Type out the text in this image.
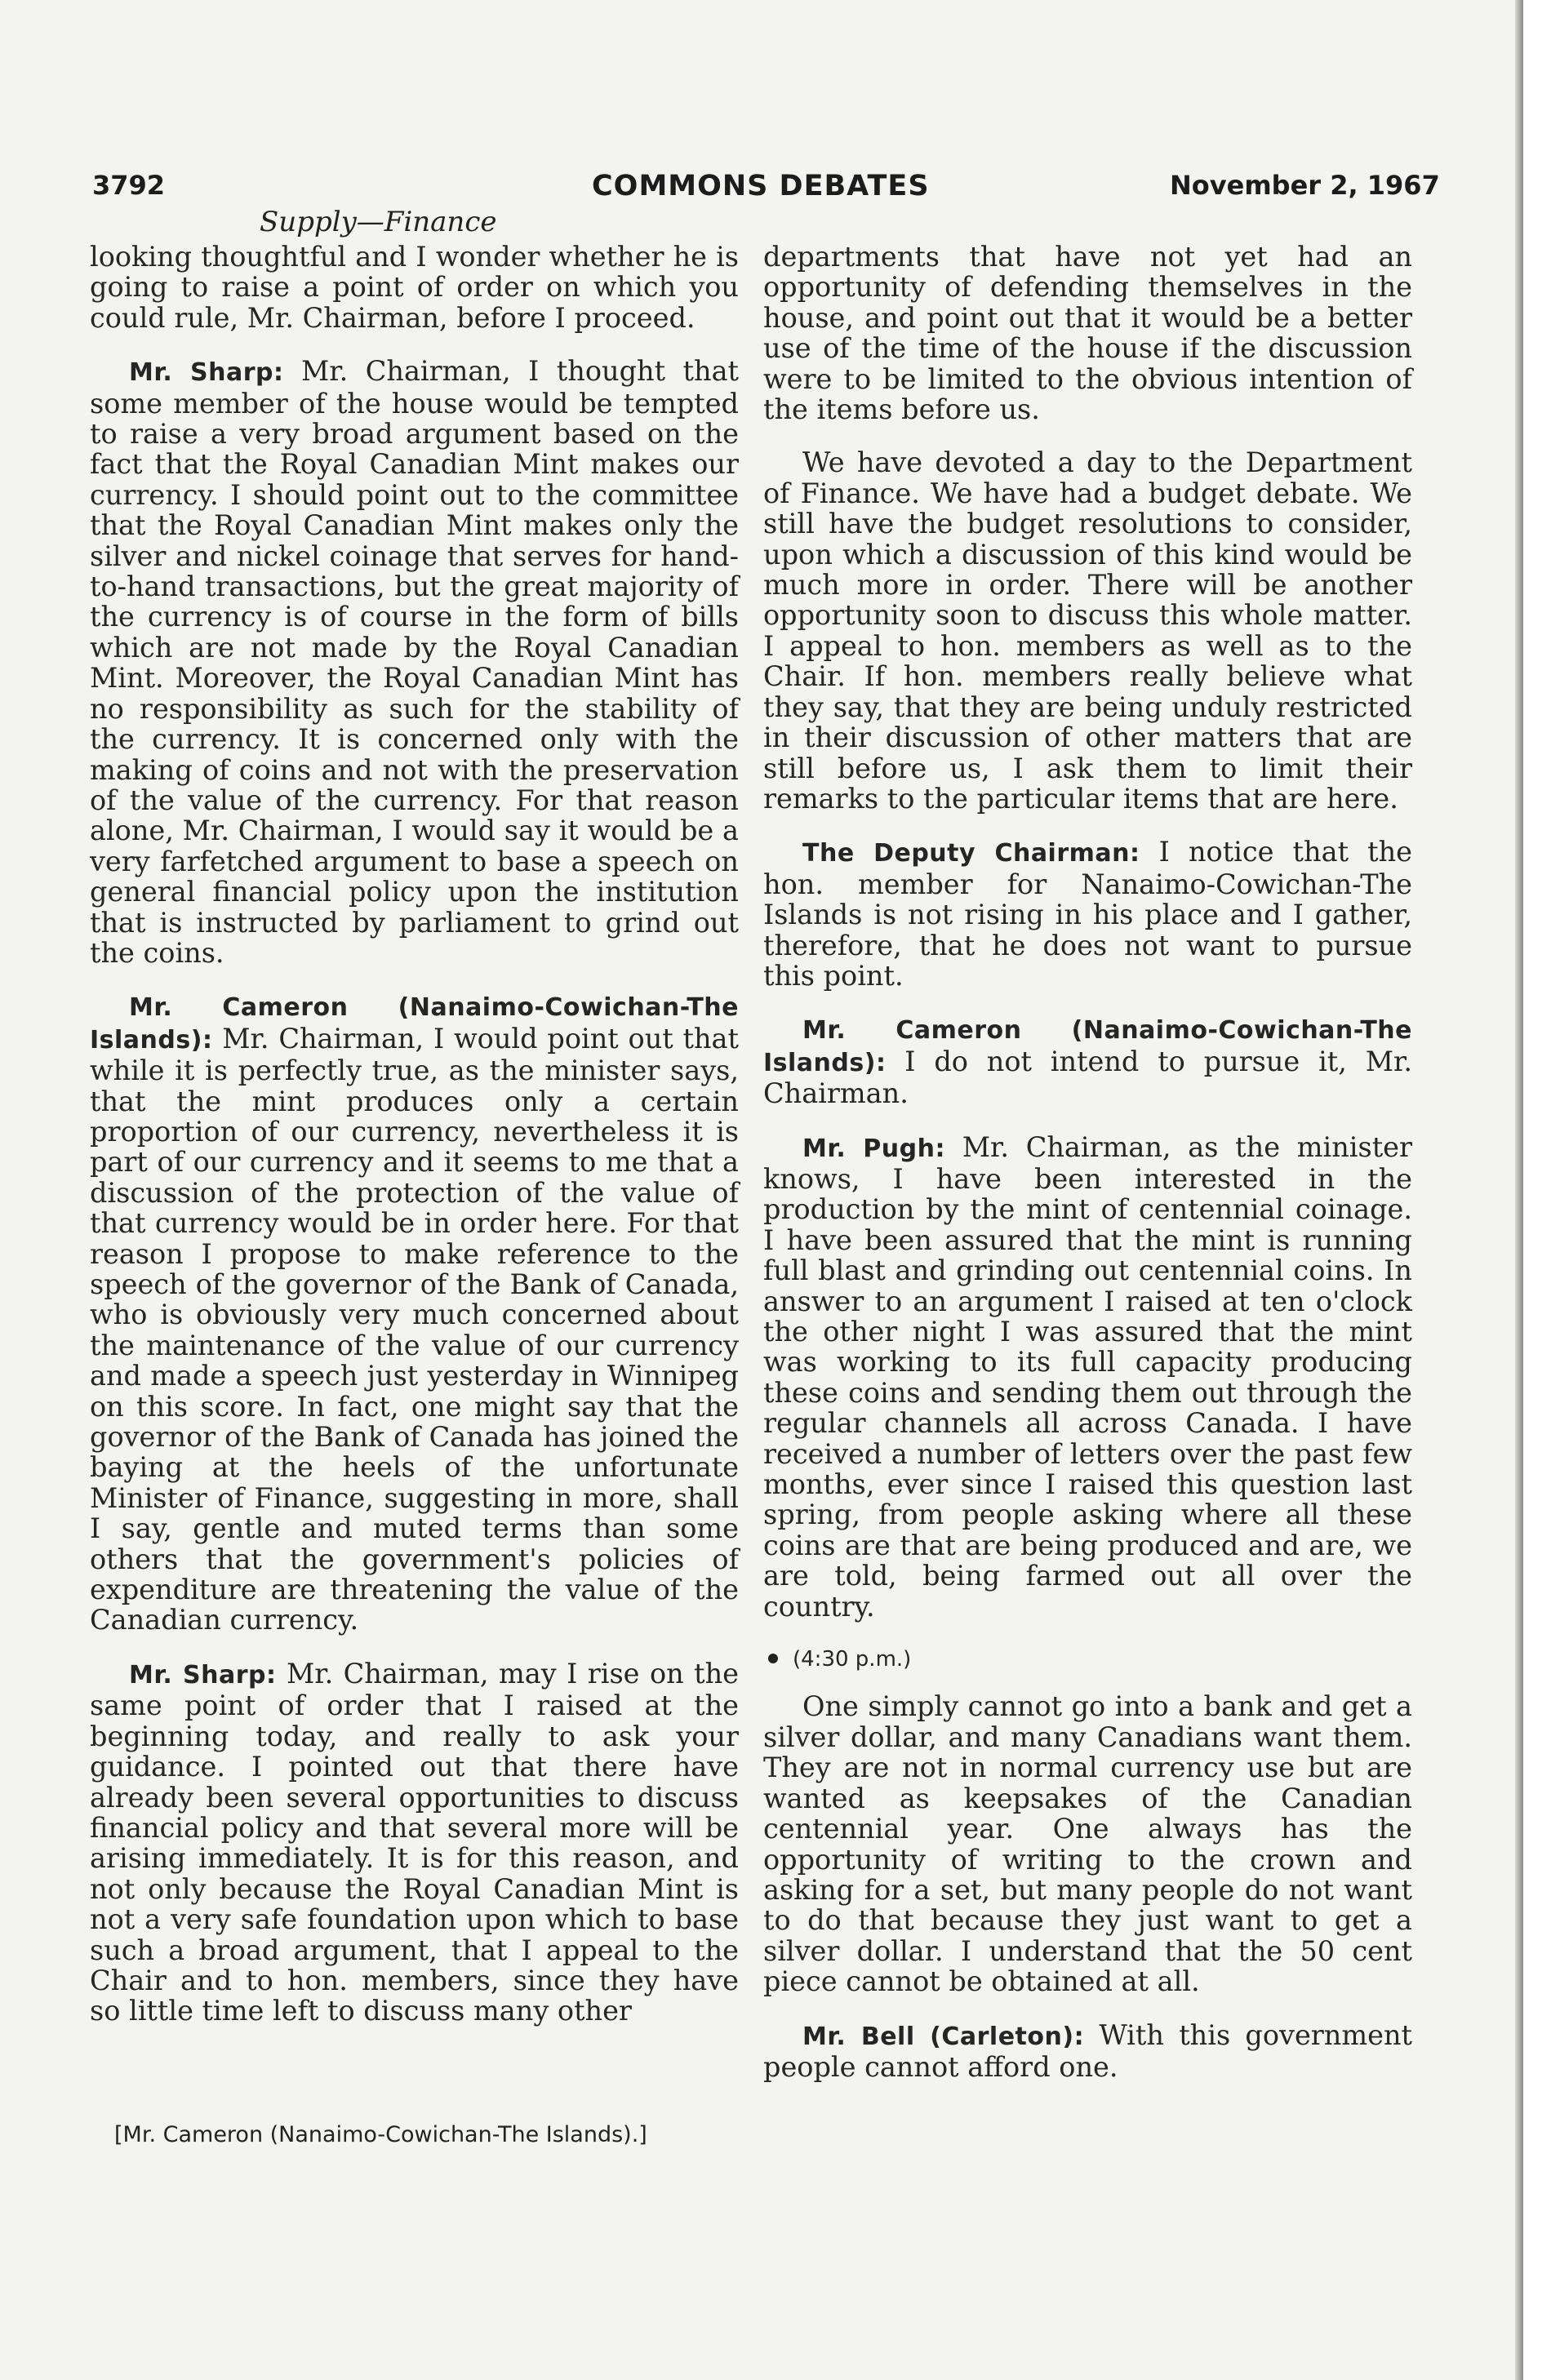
3792	COMMONS DEBATES	November 2, 1967
Supply—Finance

looking thoughtful and I wonder whether he is going to raise a point of order on which you could rule, Mr. Chairman, before I proceed.

Mr. Sharp: Mr. Chairman, I thought that some member of the house would be tempted to raise a very broad argument based on the fact that the Royal Canadian Mint makes our currency. I should point out to the committee that the Royal Canadian Mint makes only the silver and nickel coinage that serves for hand-to-hand transactions, but the great majority of the currency is of course in the form of bills which are not made by the Royal Canadian Mint. Moreover, the Royal Canadian Mint has no responsibility as such for the stability of the currency. It is concerned only with the making of coins and not with the preservation of the value of the currency. For that reason alone, Mr. Chairman, I would say it would be a very farfetched argument to base a speech on general financial policy upon the institution that is instructed by parliament to grind out the coins.

Mr. Cameron (Nanaimo-Cowichan-The Islands): Mr. Chairman, I would point out that while it is perfectly true, as the minister says, that the mint produces only a certain proportion of our currency, nevertheless it is part of our currency and it seems to me that a discussion of the protection of the value of that currency would be in order here. For that reason I propose to make reference to the speech of the governor of the Bank of Canada, who is obviously very much concerned about the maintenance of the value of our currency and made a speech just yesterday in Winnipeg on this score. In fact, one might say that the governor of the Bank of Canada has joined the baying at the heels of the unfortunate Minister of Finance, suggesting in more, shall I say, gentle and muted terms than some others that the government's policies of expenditure are threatening the value of the Canadian currency.

Mr. Sharp: Mr. Chairman, may I rise on the same point of order that I raised at the beginning today, and really to ask your guidance. I pointed out that there have already been several opportunities to discuss financial policy and that several more will be arising immediately. It is for this reason, and not only because the Royal Canadian Mint is not a very safe foundation upon which to base such a broad argument, that I appeal to the Chair and to hon. members, since they have so little time left to discuss many other

departments that have not yet had an opportunity of defending themselves in the house, and point out that it would be a better use of the time of the house if the discussion were to be limited to the obvious intention of the items before us.

We have devoted a day to the Department of Finance. We have had a budget debate. We still have the budget resolutions to consider, upon which a discussion of this kind would be much more in order. There will be another opportunity soon to discuss this whole matter. I appeal to hon. members as well as to the Chair. If hon. members really believe what they say, that they are being unduly restricted in their discussion of other matters that are still before us, I ask them to limit their remarks to the particular items that are here.

The Deputy Chairman: I notice that the hon. member for Nanaimo-Cowichan-The Islands is not rising in his place and I gather, therefore, that he does not want to pursue this point.

Mr. Cameron (Nanaimo-Cowichan-The Islands): I do not intend to pursue it, Mr. Chairman.

Mr. Pugh: Mr. Chairman, as the minister knows, I have been interested in the production by the mint of centennial coinage. I have been assured that the mint is running full blast and grinding out centennial coins. In answer to an argument I raised at ten o'clock the other night I was assured that the mint was working to its full capacity producing these coins and sending them out through the regular channels all across Canada. I have received a number of letters over the past few months, ever since I raised this question last spring, from people asking where all these coins are that are being produced and are, we are told, being farmed out all over the country.

(4:30 p.m.)

One simply cannot go into a bank and get a silver dollar, and many Canadians want them. They are not in normal currency use but are wanted as keepsakes of the Canadian centennial year. One always has the opportunity of writing to the crown and asking for a set, but many people do not want to do that because they just want to get a silver dollar. I understand that the 50 cent piece cannot be obtained at all.

Mr. Bell (Carleton): With this government people cannot afford one.

[Mr. Cameron (Nanaimo-Cowichan-The Islands).]
